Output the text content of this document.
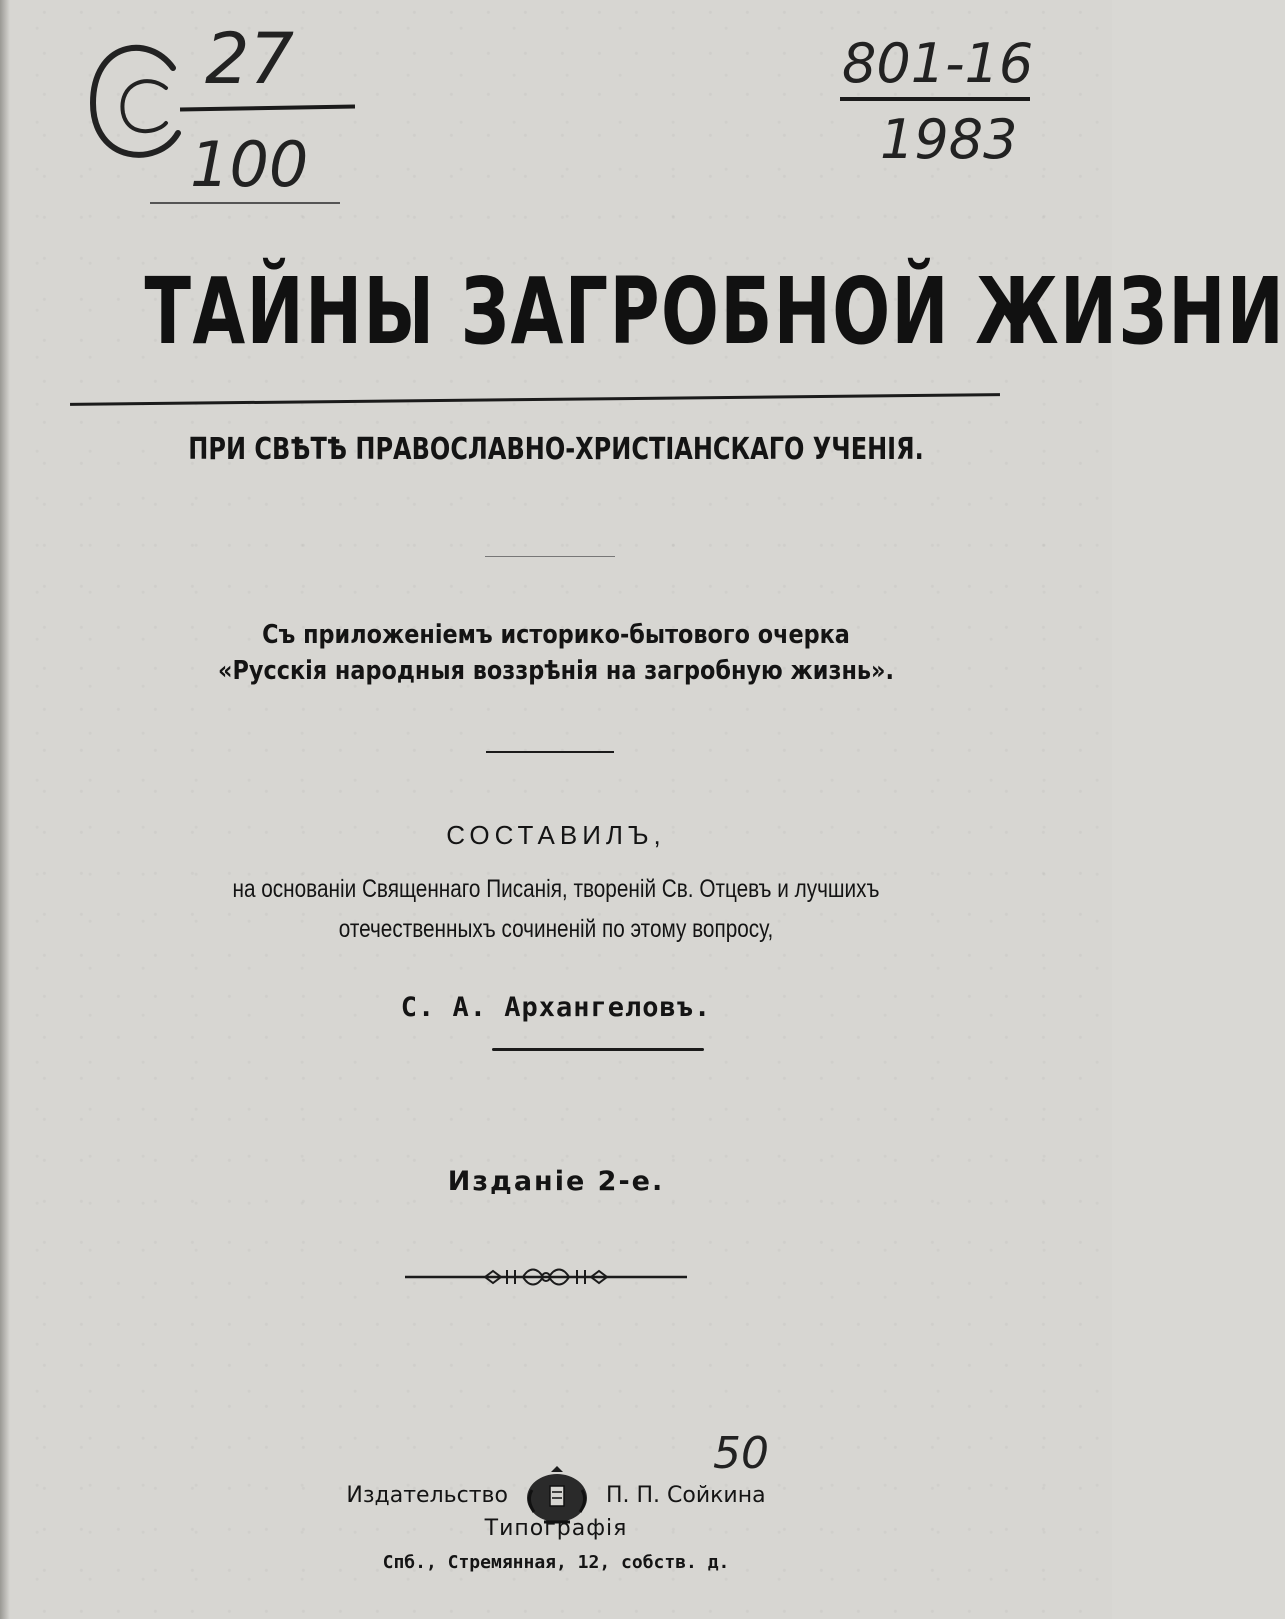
27
100
801-16
1983
ТАЙНЫ ЗАГРОБНОЙ ЖИЗНИ
ПРИ СВѢТѢ ПРАВОСЛАВНО-ХРИСТІАНСКАГО УЧЕНІЯ.
Съ приложеніемъ историко-бытового очерка
«Русскія народныя воззрѣнія на загробную жизнь».
СОСТАВИЛЪ,
на основаніи Священнаго Писанія, твореній Св. Отцевъ и лучшихъ
отечественныхъ сочиненій по этому вопросу,
С. А. Архангеловъ.
Изданіе 2-е.
50
Издательство	П. П. Сойкина
Типографія
Спб., Стремянная, 12, собств. д.
